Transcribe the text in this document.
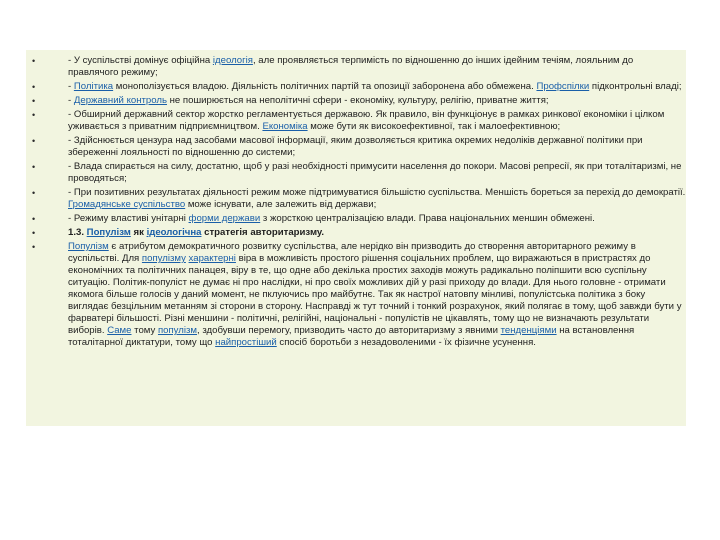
•	- У суспільстві домінує офіційна ідеологія, але проявляється терпимість по відношенню до інших ідейним течіям, лояльним до правлячого режиму;
•	- Політика монополізується владою. Діяльність політичних партій та опозиції заборонена або обмежена. Профспілки підконтрольні владі;
•	- Державний контроль не поширюється на неполітичні сфери - економіку, культуру, релігію, приватне життя;
•	- Обширний державний сектор жорстко регламентується державою. Як правило, він функціонує в рамках ринкової економіки і цілком уживається з приватним підприємництвом. Економіка може бути як високоефективної, так і малоефективною;
•	- Здійснюється цензура над засобами масової інформації, яким дозволяється критика окремих недоліків державної політики при збереженні лояльності по відношенню до системи;
•	- Влада спирається на силу, достатню, щоб у разі необхідності примусити населення до покори. Масові репресії, як при тоталітаризмі, не проводяться;
•	- При позитивних результатах діяльності режим може підтримуватися більшістю суспільства. Меншість бореться за перехід до демократії. Громадянське суспільство може існувати, але залежить від держави;
•	- Режиму властиві унітарні форми держави з жорсткою централізацією влади. Права національних меншин обмежені.
•	1.3. Популізм як ідеологічна стратегія авторитаризму.
•	Популізм є атрибутом демократичного розвитку суспільства, але нерідко він призводить до створення авторитарного режиму в суспільстві. Для популізму характерні віра в можливість простого рішення соціальних проблем, що виражаються в пристрастях до економічних та політичних панацея, віру в те, що одне або декілька простих заходів можуть радикально поліпшити всю суспільну ситуацію. Політик-популіст не думає ні про наслідки, ні про своїх можливих дій у разі приходу до влади. Для нього головне - отримати якомога більше голосів у даний момент, не пклуючись про майбутнє. Так як настрої натовпу мінливі, популістська політика з боку виглядає безцільним метанням зі сторони в сторону. Насправді ж тут точний і тонкий розрахунок, який полягає в тому, щоб завжди бути у фарватері більшості. Різні меншини - політичні, релігійні, національні - популістів не цікавлять, тому що не визначають результати виборів. Саме тому популізм, здобувши перемогу, призводить часто до авторитаризму з явними тенденціями на встановлення тоталітарної диктатури, тому що найпростіший спосіб боротьби з незадоволеними - їх фізичне усунення.
